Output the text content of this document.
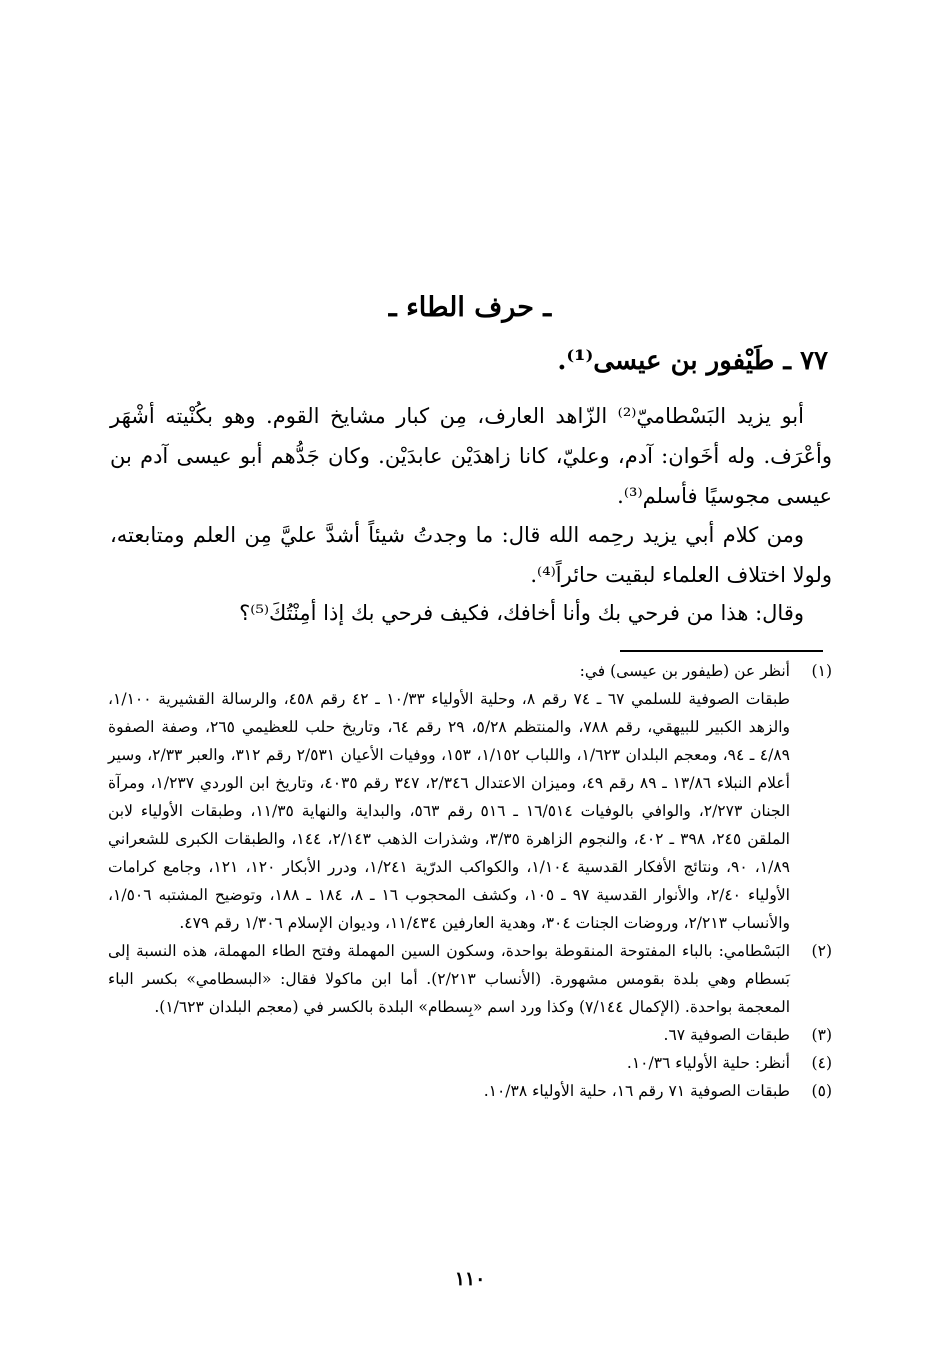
ـ حرف الطاء ـ
٧٧ ـ طَيْفور بن عيسى⁽¹⁾.

أبو يزيد البَسْطاميّ⁽²⁾ الزّاهد العارف، مِن كبار مشايخ القوم. وهو بكُنْيته أشْهَر وأعْرَف. وله أخَوان: آدم، وعليّ، كانا زاهدَيْن عابدَيْن. وكان جَدُّهم أبو عيسى آدم بن عيسى مجوسيًا فأسلم⁽³⁾.

ومن كلام أبي يزيد رحِمه الله قال: ما وجدتُ شيئاً أشدَّ عليَّ مِن العلم ومتابعته، ولولا اختلاف العلماء لبقيت حائراً⁽⁴⁾.

وقال: هذا من فرحي بك وأنا أخافك، فكيف فرحي بك إذا أمِنْتُكَ⁽⁵⁾؟

(١)

أنظر عن (طيفور بن عيسى) في:

طبقات الصوفية للسلمي ٦٧ ـ ٧٤ رقم ٨، وحلية الأولياء ١٠/٣٣ ـ ٤٢ رقم ٤٥٨، والرسالة القشيرية ١/١٠٠، والزهد الكبير للبيهقي، رقم ٧٨٨، والمنتظم ٥/٢٨، ٢٩ رقم ٦٤، وتاريخ حلب للعظيمي ٢٦٥، وصفة الصفوة ٤/٨٩ ـ ٩٤، ومعجم البلدان ١/٦٢٣، واللباب ١/١٥٢، ١٥٣، ووفيات الأعيان ٢/٥٣١ رقم ٣١٢، والعبر ٢/٣٣، وسير أعلام النبلاء ١٣/٨٦ ـ ٨٩ رقم ٤٩، وميزان الاعتدال ٢/٣٤٦، ٣٤٧ رقم ٤٠٣٥، وتاريخ ابن الوردي ١/٢٣٧، ومرآة الجنان ٢/٢٧٣، والوافي بالوفيات ١٦/٥١٤ ـ ٥١٦ رقم ٥٦٣، والبداية والنهاية ١١/٣٥، وطبقات الأولياء لابن الملقن ٢٤٥، ٣٩٨ ـ ٤٠٢، والنجوم الزاهرة ٣/٣٥، وشذرات الذهب ٢/١٤٣، ١٤٤، والطبقات الكبرى للشعراني ١/٨٩، ٩٠، ونتائج الأفكار القدسية ١/١٠٤، والكواكب الدرّية ١/٢٤١، ودرر الأبكار ١٢٠، ١٢١، وجامع كرامات الأولياء ٢/٤٠، والأنوار القدسية ٩٧ ـ ١٠٥، وكشف المحجوب ١٦ ـ ٨، ١٨٤ ـ ١٨٨، وتوضيح المشتبه ١/٥٠٦، والأنساب ٢/٢١٣، وروضات الجنات ٣٠٤، وهدية العارفين ١١/٤٣٤، وديوان الإسلام ١/٣٠٦ رقم ٤٧٩.

(٢)

البَسْطامي: بالباء المفتوحة المنقوطة بواحدة، وسكون السين المهملة وفتح الطاء المهملة، هذه النسبة إلى بَسطام وهي بلدة بقومس مشهورة. (الأنساب ٢/٢١٣). أما ابن ماكولا فقال: «البسطامي» بكسر الباء المعجمة بواحدة. (الإكمال ٧/١٤٤) وكذا ورد اسم «بِسطام» البلدة بالكسر في (معجم البلدان ١/٦٢٣).

(٣)

طبقات الصوفية ٦٧.

(٤)

أنظر: حلية الأولياء ١٠/٣٦.

(٥)

طبقات الصوفية ٧١ رقم ١٦، حلية الأولياء ١٠/٣٨.

١١٠
